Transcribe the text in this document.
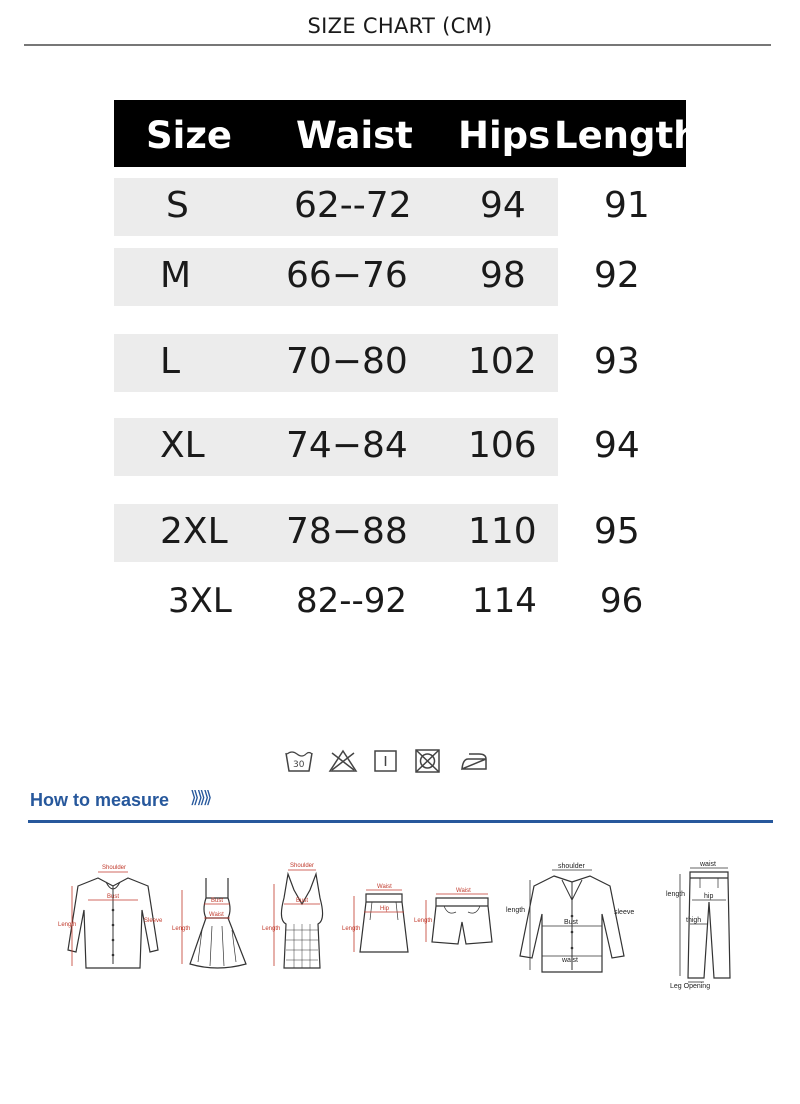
SIZE CHART (CM)
Size Waist Hips Length
S	62--72 94 91
M	66−76 98 92
L	70−80 102 93
XL 74−84 106 94
2XL 78−88 110 95
3XL 82--92 114 96
30
How to measure ⟫⟫⟫
Shoulder
Bust
Length
Sleeve
Bust
Waist
Length
Shoulder
Bust
Length
Waist
Hip
Length
Waist
Length
shoulder
Bust
waist
length	sleeve
waist
hip
thigh
length
Leg Opening
